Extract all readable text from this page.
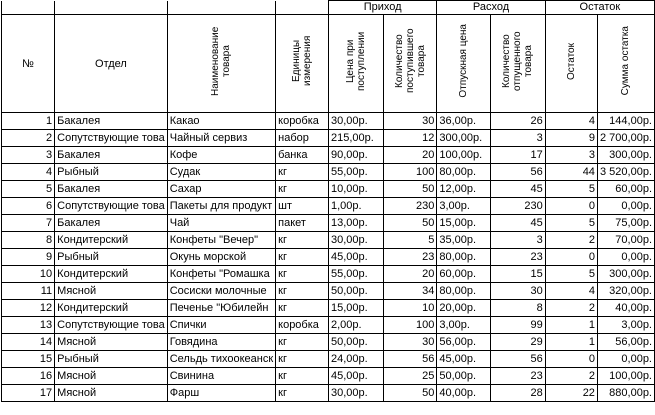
				Приход		Расход		Остаток	
№	Отдел	Наименование товара	Единицы измерения	Цена при поступлении	Количество поступившего товара	Отпускная цена	Количество отпущенного товара	Остаток	Сумма остатка
1	Бакалея	Какао	коробка	30,00р.	30	36,00р.	26	4	144,00р.
2	Сопутствующие това	Чайный сервиз	набор	215,00р.	12	300,00р.	3	9	2 700,00р.
3	Бакалея	Кофе	банка	90,00р.	20	100,00р.	17	3	300,00р.
4	Рыбный	Судак	кг	55,00р.	100	80,00р.	56	44	3 520,00р.
5	Бакалея	Сахар	кг	10,00р.	50	12,00р.	45	5	60,00р.
6	Сопутствующие това	Пакеты для продукт	шт	1,00р.	230	3,00р.	230	0	0,00р.
7	Бакалея	Чай	пакет	13,00р.	50	15,00р.	45	5	75,00р.
8	Кондитерский	Конфеты "Вечер"	кг	30,00р.	5	35,00р.	3	2	70,00р.
9	Рыбный	Окунь морской	кг	45,00р.	23	80,00р.	23	0	0,00р.
10	Кондитерский	Конфеты "Ромашка	кг	55,00р.	20	60,00р.	15	5	300,00р.
11	Мясной	Сосиски молочные	кг	50,00р.	34	80,00р.	30	4	320,00р.
12	Кондитерский	Печенье "Юбилейн	кг	15,00р.	10	20,00р.	8	2	40,00р.
13	Сопутствующие това	Спички	коробка	2,00р.	100	3,00р.	99	1	3,00р.
14	Мясной	Говядина	кг	50,00р.	30	56,00р.	29	1	56,00р.
15	Рыбный	Сельдь тихоокеанск	кг	24,00р.	56	45,00р.	56	0	0,00р.
16	Мясной	Свинина	кг	45,00р.	25	50,00р.	23	2	100,00р.
17	Мясной	Фарш	кг	30,00р.	50	40,00р.	28	22	880,00р.
